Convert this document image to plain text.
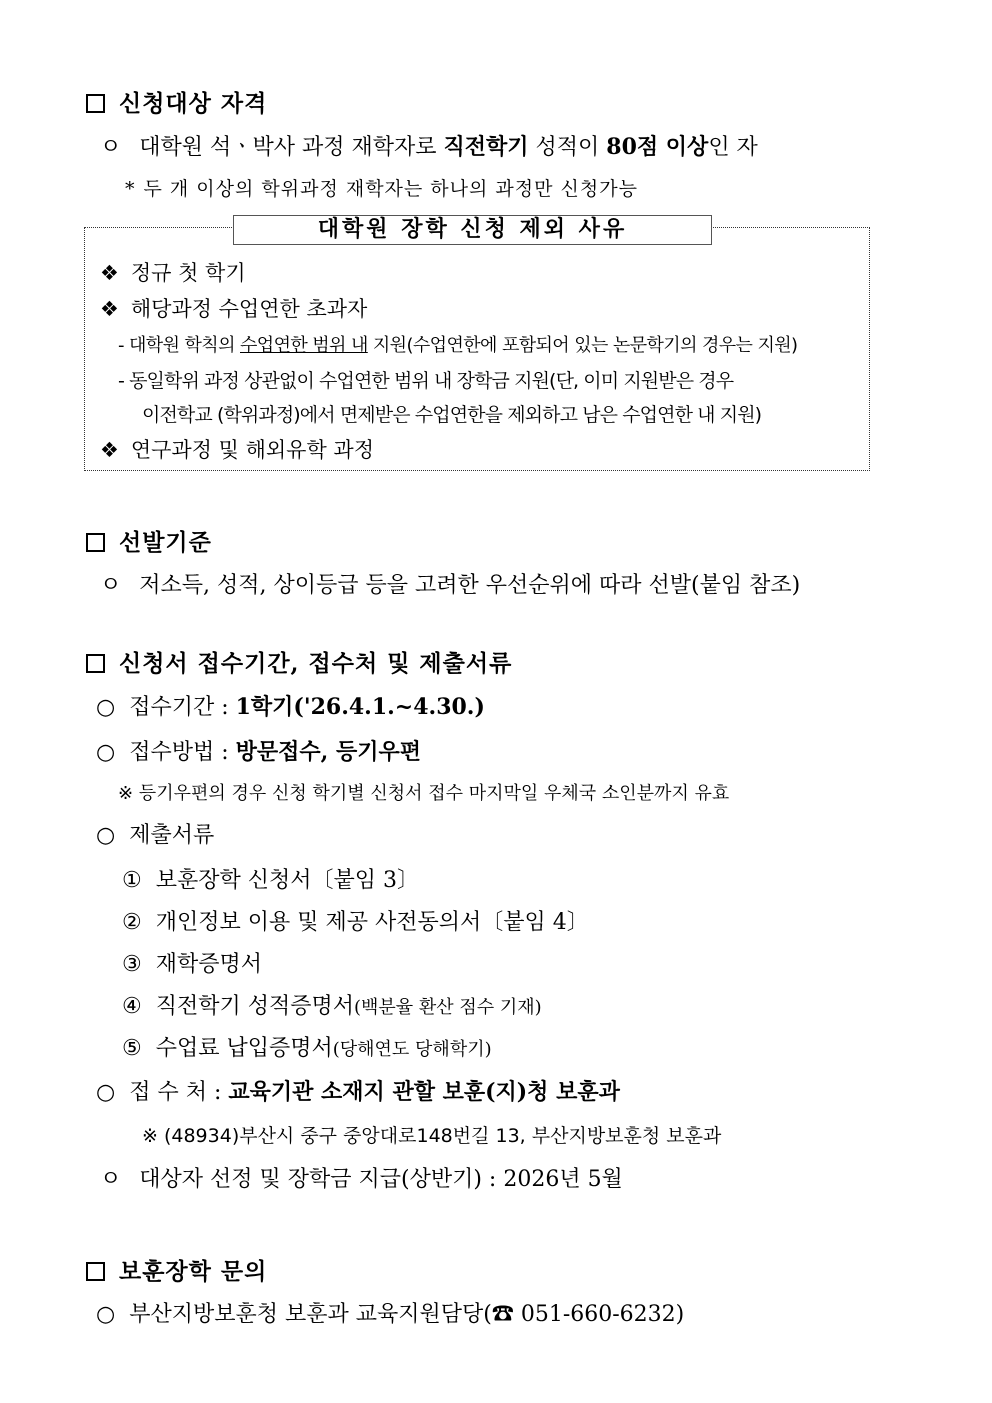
신청대상 자격
ㅇ 대학원 석ㆍ박사 과정 재학자로 직전학기 성적이 80점 이상인 자
* 두 개 이상의 학위과정 재학자는 하나의 과정만 신청가능
대학원 장학 신청 제외 사유
❖ 정규 첫 학기
❖ 해당과정 수업연한 초과자
- 대학원 학칙의 수업연한 범위 내 지원(수업연한에 포함되어 있는 논문학기의 경우는 지원)
- 동일학위 과정 상관없이 수업연한 범위 내 장학금 지원(단, 이미 지원받은 경우
이전학교 (학위과정)에서 면제받은 수업연한을 제외하고 남은 수업연한 내 지원)
❖ 연구과정 및 해외유학 과정
선발기준
ㅇ 저소득, 성적, 상이등급 등을 고려한 우선순위에 따라 선발(붙임 참조)
신청서 접수기간, 접수처 및 제출서류
○ 접수기간 : 1학기('26.4.1.~4.30.)
○ 접수방법 : 방문접수, 등기우편
※ 등기우편의 경우 신청 학기별 신청서 접수 마지막일 우체국 소인분까지 유효
○ 제출서류
① 보훈장학 신청서〔붙임 3〕
② 개인정보 이용 및 제공 사전동의서〔붙임 4〕
③ 재학증명서
④ 직전학기 성적증명서(백분율 환산 점수 기재)
⑤ 수업료 납입증명서(당해연도 당해학기)
○ 접 수 처 : 교육기관 소재지 관할 보훈(지)청 보훈과
※ (48934)부산시 중구 중앙대로148번길 13, 부산지방보훈청 보훈과
ㅇ 대상자 선정 및 장학금 지급(상반기) : 2026년 5월
보훈장학 문의
○ 부산지방보훈청 보훈과 교육지원담당(☎ 051-660-6232)
